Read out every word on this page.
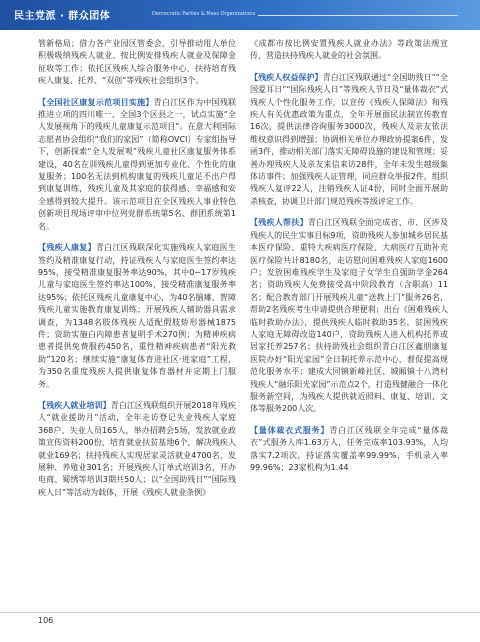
民主党派 · 群众团体	Democratic Parties & Mass Organizations

管新格局；借力各产业园区管委会，引导推动用人单位积极吸纳残疾人就业、按比例安排残疾人就业及保障金征收等工作；依托区残疾人综合服务中心，扶持培育残疾人康复、托养、“双创”等残疾社会组织3个。

【全国社区康复示范项目实施】青白江区作为中国残联推进立项的四川唯一、全国3个区县之一，试点实施“全人发展视角下的残疾儿童康复示范项目”。在意大利国际志愿者协会组织“我们的家园”（简称OVCI）专家组指导下，创新探索“全人发展观”残疾儿童社区康复服务体系建设，40名在训残疾儿童得到更加专业化、个性化的康复服务；100名无法到机构康复的残疾儿童足不出户得到康复训练，残疾儿童及其家庭的获得感、幸福感和安全感得到较大提升。该示范项目在全区残疾人事业特色创新项目现场评审中位列党群系统第5名、群团系统第1名。

【残疾人康复】青白江区残联深化实施残疾人家庭医生签约及精准康复行动，持证残疾人与家庭医生签约率达95%，接受精准康复服务率达90%，其中0~17岁残疾儿童与家庭医生签约率达100%，接受精准康复服务率达95%；依托区残疾儿童康复中心，为40名脑瘫、智障残疾儿童实施教育康复训练；开展残疾人辅助器具需求调查，为1348名肢体残疾人适配假肢矫形器械1875件；资助实施白内障患者复明手术270例；为精神疾病患者提供免费服药450名，重性精神疾病患者“阳光救助”120名；继续实施“康复体育进社区·进家庭”工程，为350名重度残疾人提供康复体育器材并定期上门服务。

【残疾人就业培训】青白江区残联组织开展2018年残疾人“就业援助月”活动，全年走访登记失业残疾人家庭368户、失业人员165人，举办招聘会5场，发放就业政策宣传资料200份，培育就业扶贫基地6个，解决残疾人就业169名；扶持残疾人实现居家灵活就业4700名，发展种、养殖业301名；开展残疾人订单式培训3名，开办电商、蜀绣等培训3期共50人；以“全国助残日”“国际残疾人日”等活动为载体，开展《残疾人就业条例》

《成都市按比例安置残疾人就业办法》等政策法规宣传，营造扶持残疾人就业的社会氛围。

【残疾人权益保护】青白江区残联通过“全国助残日”“全国爱耳日”“国际残疾人日”等残疾人节日及“量体裁衣”式残疾人个性化服务工作，以宣传《残疾人保障法》和残疾人有关优惠政策为重点，全年开展面民法制宣传教育16次，提供法律咨询服务3000次，残疾人及亲友依法维权意识得到增强；协调相关单位办理政协提案6件，发函3件，推动相关部门落实无障碍设施的建设和管理；妥善办理残疾人及亲友来信来访28件，全年未发生越级集体访事件；加强残疾人证管理，同应群众举报2件，组织残疾人复评22人，注销残疾人证4份，同时全面开展助杀核查，协调卫计部门规范残疾等级评定工作。

【残疾人帮扶】青白江区残联全面完成省、市、区涉及残疾人的民生实事目标9项，资助残疾人参加城乡居民基本医疗保险、重特大疾病医疗保险、大病医疗互助补充医疗保险共计8180名，走访慰问困难残疾人家庭1600户；发放困难残疾学生及家庭子女学生自强助学金264名；资助残疾人免费接受高中阶段教育（含职高）11名；配合教育部门开展残疾儿童“送教上门”服务26名，帮助2名残疾考生申请提供合理便利；出台《困难残疾人临时救助办法》，提供残疾人临时救助35名，贫困残疾人家庭无障碍改造140户，资助残疾人进入机构托养或居家托养257名；扶持助残社会组织青白江区鑫朋康复医院办好“阳光家园”全日制托养示范中心，督促提高规范化服务水平；建成大同镇新峰社区、城厢镇十八湾村残疾人“融乐阳光家园”示范点2个，打造残健融合一体化服务新空间，为残疾人提供就近照料、康复、培训、文体等服务200人次。

【量体裁衣式服务】青白江区残联全年完成“量体裁衣”式服务人库1.63万人，任务完成率103.93%，人均落实7.2项次，持证落实覆盖率99.99%，手机录入率99.96%；23家机构为1.44

106
